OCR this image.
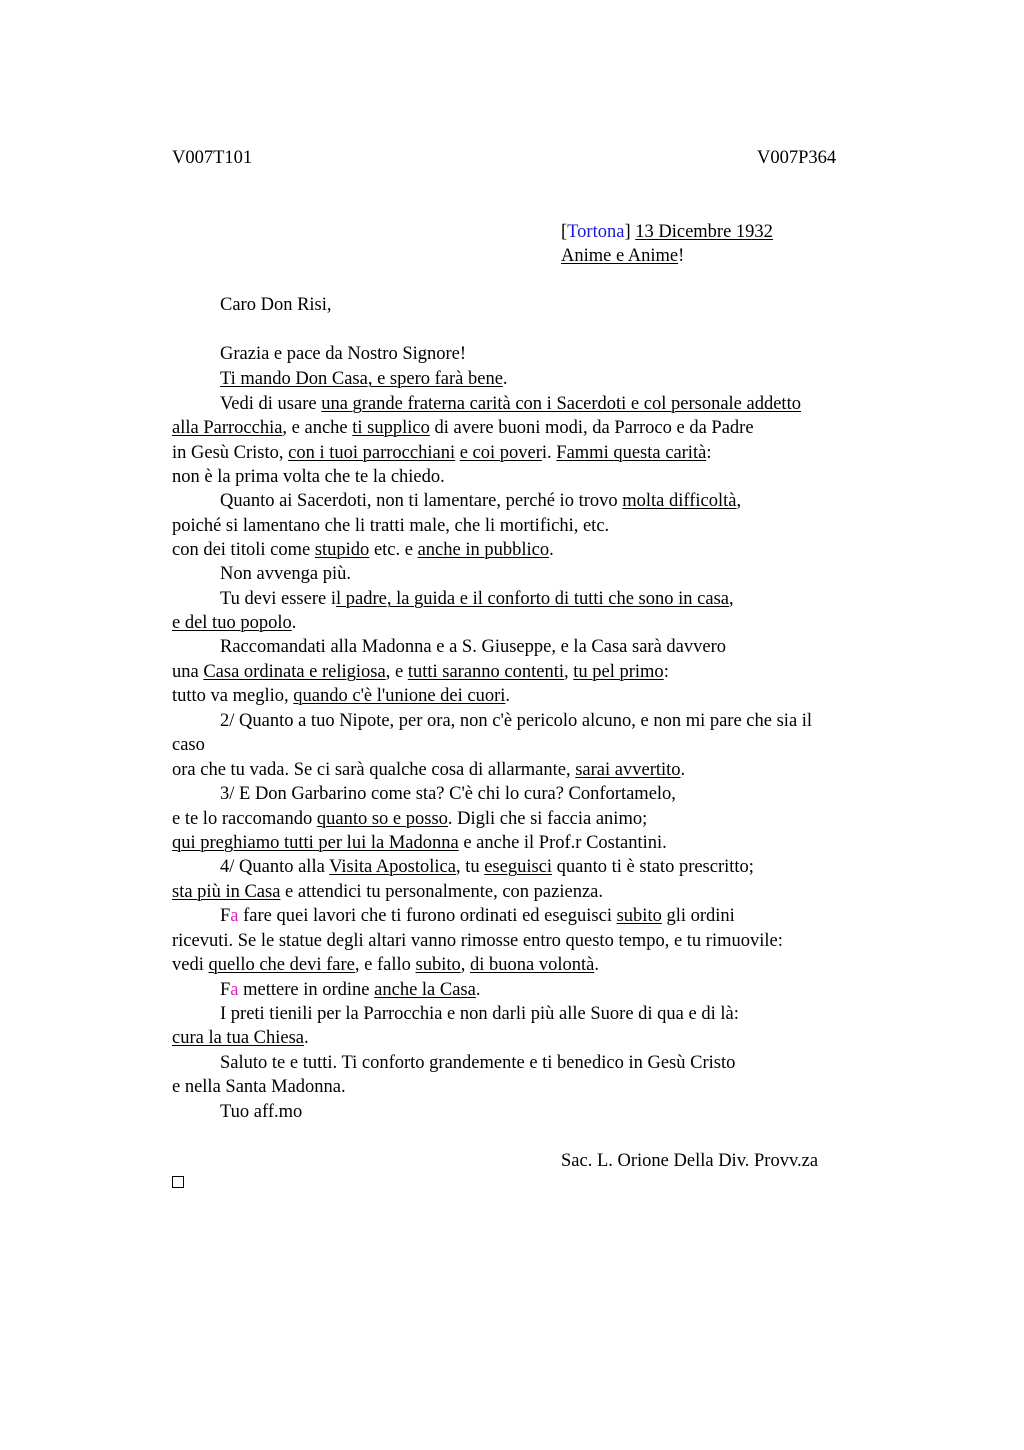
V007T101	V007P364
[Tortona] 13 Dicembre 1932
Anime e Anime!
Caro Don Risi,
Grazia e pace da Nostro Signore!
Ti mando Don Casa, e spero farà bene.
Vedi di usare una grande fraterna carità con i Sacerdoti e col personale addetto
alla Parrocchia, e anche ti supplico di avere buoni modi, da Parroco e da Padre
in Gesù Cristo, con i tuoi parrocchiani e coi poveri. Fammi questa carità:
non è la prima volta che te la chiedo.
Quanto ai Sacerdoti, non ti lamentare, perché io trovo molta difficoltà,
poiché si lamentano che li tratti male, che li mortifichi, etc.
con dei titoli come stupido etc. e anche in pubblico.
Non avvenga più.
Tu devi essere il padre, la guida e il conforto di tutti che sono in casa,
e del tuo popolo.
Raccomandati alla Madonna e a S. Giuseppe, e la Casa sarà davvero
una Casa ordinata e religiosa, e tutti saranno contenti, tu pel primo:
tutto va meglio, quando c'è l'unione dei cuori.
2/ Quanto a tuo Nipote, per ora, non c'è pericolo alcuno, e non mi pare che sia il
caso
ora che tu vada. Se ci sarà qualche cosa di allarmante, sarai avvertito.
3/ E Don Garbarino come sta? C'è chi lo cura? Confortamelo,
e te lo raccomando quanto so e posso. Digli che si faccia animo;
qui preghiamo tutti per lui la Madonna e anche il Prof.r Costantini.
4/ Quanto alla Visita Apostolica, tu eseguisci quanto ti è stato prescritto;
sta più in Casa e attendici tu personalmente, con pazienza.
Fa fare quei lavori che ti furono ordinati ed eseguisci subito gli ordini
ricevuti. Se le statue degli altari vanno rimosse entro questo tempo, e tu rimuovile:
vedi quello che devi fare, e fallo subito, di buona volontà.
Fa mettere in ordine anche la Casa.
I preti tienili per la Parrocchia e non darli più alle Suore di qua e di là:
cura la tua Chiesa.
Saluto te e tutti. Ti conforto grandemente e ti benedico in Gesù Cristo
e nella Santa Madonna.
Tuo aff.mo
Sac. L. Orione Della Div. Provv.za
